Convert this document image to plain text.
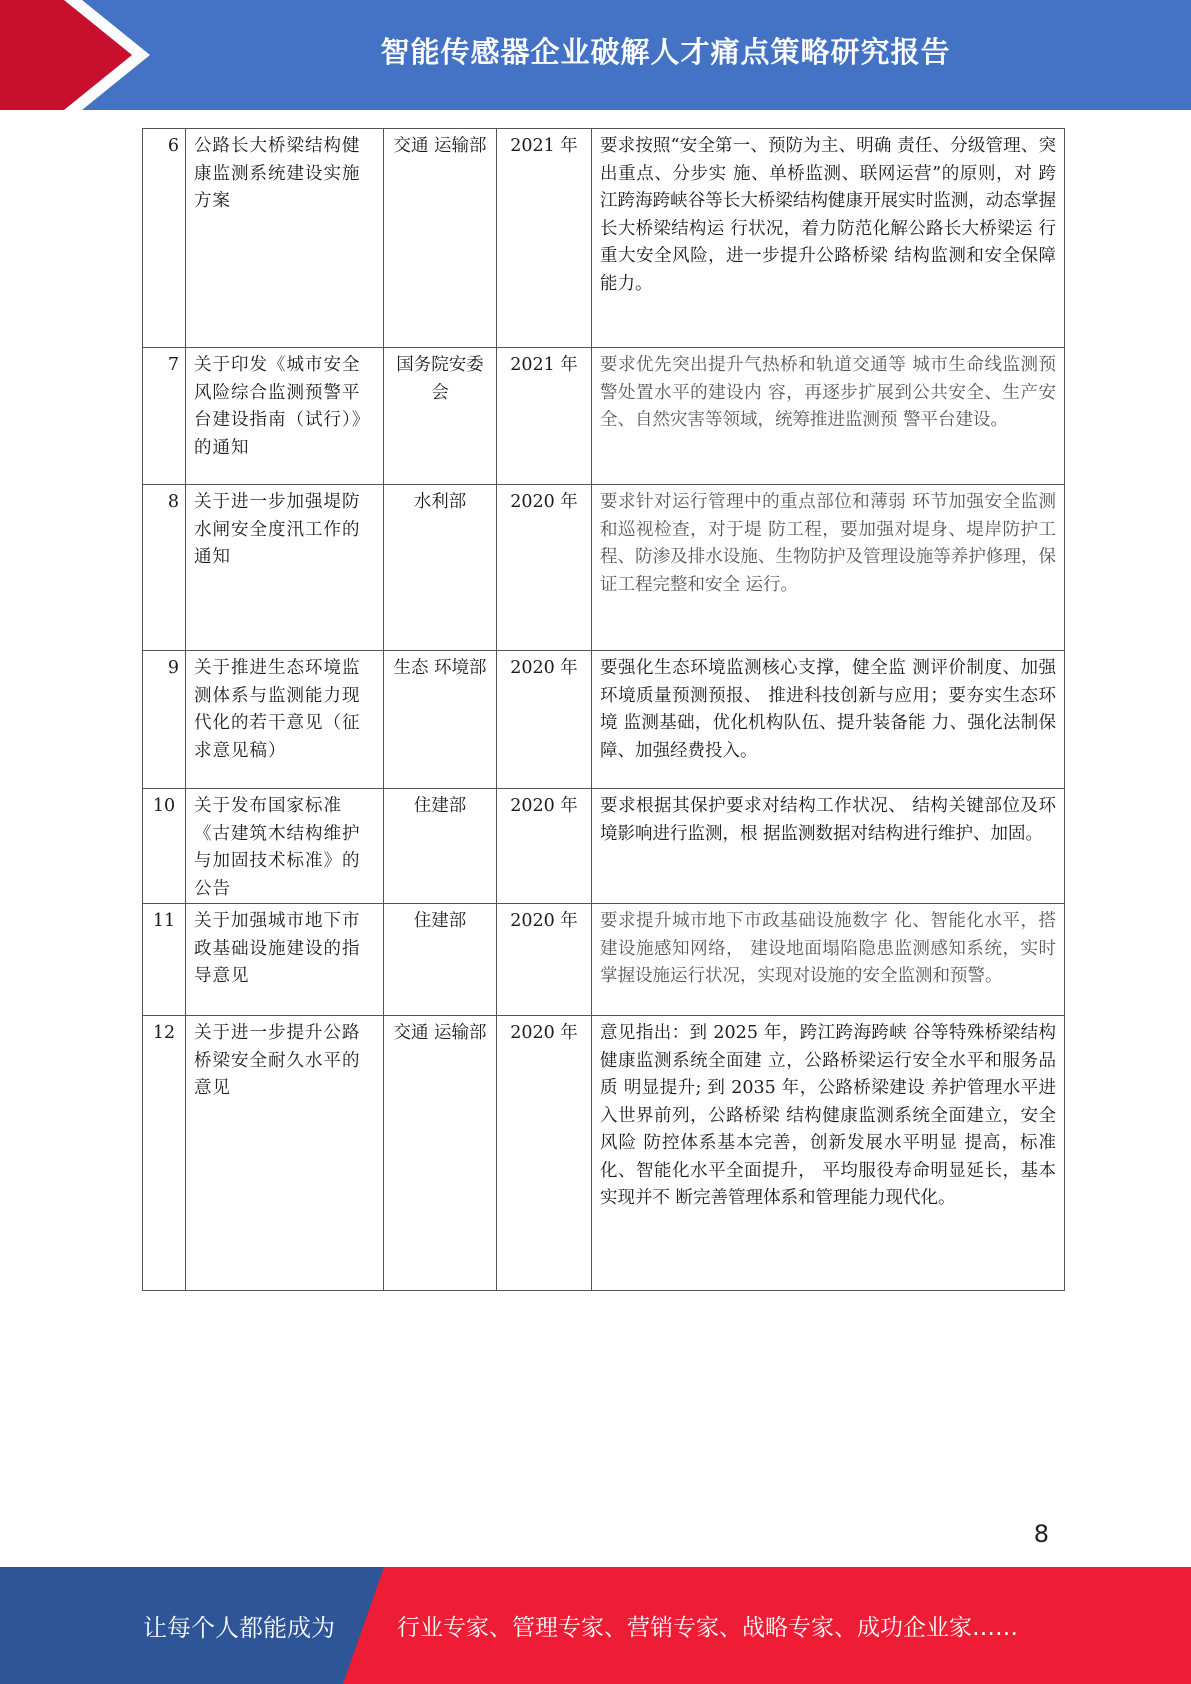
智能传感器企业破解人才痛点策略研究报告
6	公路长大桥梁结构健康监测系统建设实施方案	交通 运输部	2021 年	要求按照“安全第一、预防为主、明确 责任、分级管理、突出重点、分步实 施、单桥监测、联网运营”的原则，对 跨江跨海跨峡谷等长大桥梁结构健康开展实时监测，动态掌握长大桥梁结构运 行状况，着力防范化解公路长大桥梁运 行重大安全风险，进一步提升公路桥梁 结构监测和安全保障能力。
7	关于印发《城市安全风险综合监测预警平台建设指南（试行）》的通知	国务院安委会	2021 年	要求优先突出提升气热桥和轨道交通等 城市生命线监测预警处置水平的建设内 容，再逐步扩展到公共安全、生产安 全、自然灾害等领域，统筹推进监测预 警平台建设。
8	关于进一步加强堤防水闸安全度汛工作的通知	水利部	2020 年	要求针对运行管理中的重点部位和薄弱 环节加强安全监测和巡视检查，对于堤 防工程，要加强对堤身、堤岸防护工 程、防渗及排水设施、生物防护及管理设施等养护修理，保证工程完整和安全 运行。
9	关于推进生态环境监测体系与监测能力现代化的若干意见（征求意见稿）	生态 环境部	2020 年	要强化生态环境监测核心支撑，健全监 测评价制度、加强环境质量预测预报、 推进科技创新与应用；要夯实生态环境 监测基础，优化机构队伍、提升装备能 力、强化法制保障、加强经费投入。
10	关于发布国家标准《古建筑木结构维护与加固技术标准》的公告	住建部	2020 年	要求根据其保护要求对结构工作状况、 结构关键部位及环境影响进行监测，根 据监测数据对结构进行维护、加固。
11	关于加强城市地下市政基础设施建设的指导意见	住建部	2020 年	要求提升城市地下市政基础设施数字 化、智能化水平，搭建设施感知网络， 建设地面塌陷隐患监测感知系统，实时 掌握设施运行状况，实现对设施的安全监测和预警。
12	关于进一步提升公路桥梁安全耐久水平的意见	交通 运输部	2020 年	意见指出：到 2025 年，跨江跨海跨峡 谷等特殊桥梁结构健康监测系统全面建 立，公路桥梁运行安全水平和服务品质 明显提升; 到 2035 年，公路桥梁建设 养护管理水平进入世界前列，公路桥梁 结构健康监测系统全面建立，安全风险 防控体系基本完善，创新发展水平明显 提高，标准化、智能化水平全面提升， 平均服役寿命明显延长，基本实现并不 断完善管理体系和管理能力现代化。
8
让每个人都能成为	行业专家、管理专家、营销专家、战略专家、成功企业家……
